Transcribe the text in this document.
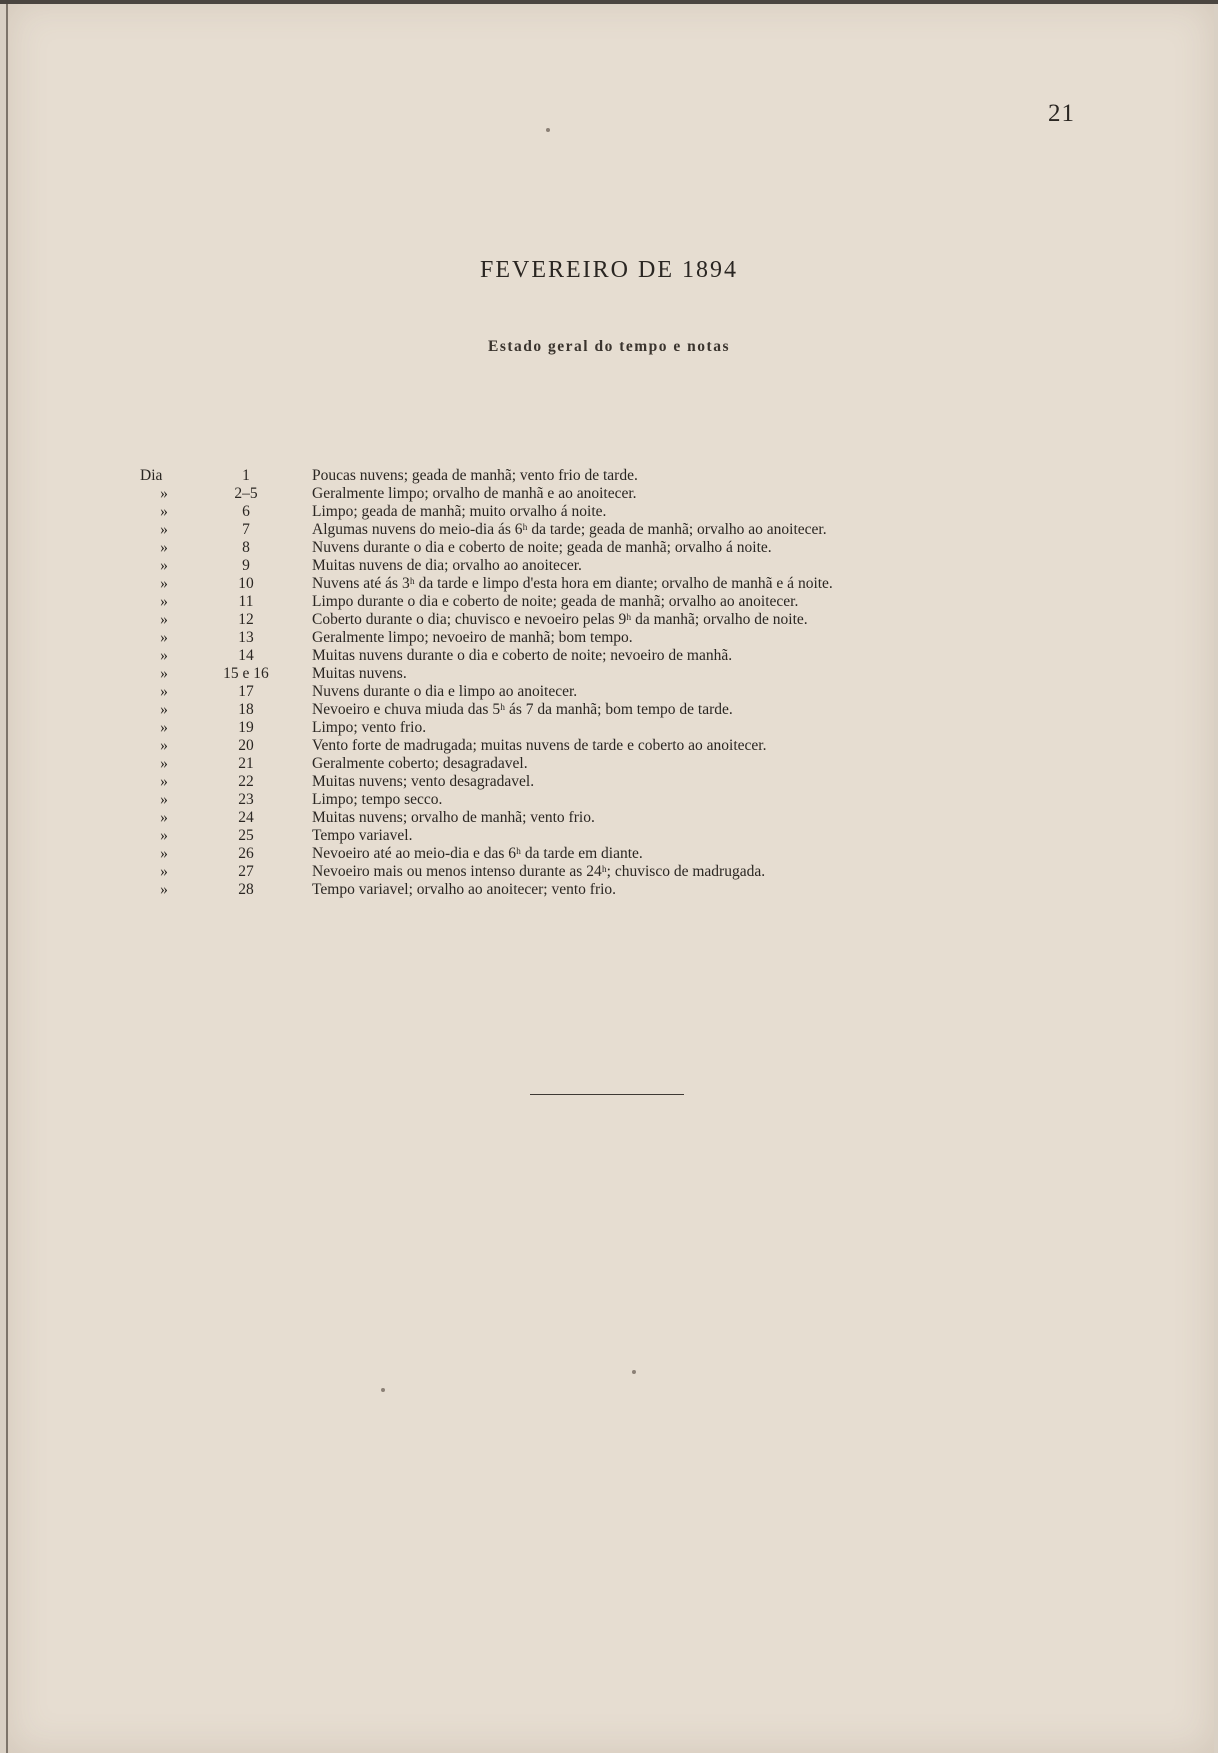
21
FEVEREIRO DE 1894
Estado geral do tempo e notas
Dia	1	Poucas nuvens; geada de manhã; vento frio de tarde.
»	2–5	Geralmente limpo; orvalho de manhã e ao anoitecer.
»	6	Limpo; geada de manhã; muito orvalho á noite.
»	7	Algumas nuvens do meio-dia ás 6ʰ da tarde; geada de manhã; orvalho ao anoitecer.
»	8	Nuvens durante o dia e coberto de noite; geada de manhã; orvalho á noite.
»	9	Muitas nuvens de dia; orvalho ao anoitecer.
»	10	Nuvens até ás 3ʰ da tarde e limpo d'esta hora em diante; orvalho de manhã e á noite.
»	11	Limpo durante o dia e coberto de noite; geada de manhã; orvalho ao anoitecer.
»	12	Coberto durante o dia; chuvisco e nevoeiro pelas 9ʰ da manhã; orvalho de noite.
»	13	Geralmente limpo; nevoeiro de manhã; bom tempo.
»	14	Muitas nuvens durante o dia e coberto de noite; nevoeiro de manhã.
»	15 e 16	Muitas nuvens.
»	17	Nuvens durante o dia e limpo ao anoitecer.
»	18	Nevoeiro e chuva miuda das 5ʰ ás 7 da manhã; bom tempo de tarde.
»	19	Limpo; vento frio.
»	20	Vento forte de madrugada; muitas nuvens de tarde e coberto ao anoitecer.
»	21	Geralmente coberto; desagradavel.
»	22	Muitas nuvens; vento desagradavel.
»	23	Limpo; tempo secco.
»	24	Muitas nuvens; orvalho de manhã; vento frio.
»	25	Tempo variavel.
»	26	Nevoeiro até ao meio-dia e das 6ʰ da tarde em diante.
»	27	Nevoeiro mais ou menos intenso durante as 24ʰ; chuvisco de madrugada.
»	28	Tempo variavel; orvalho ao anoitecer; vento frio.
